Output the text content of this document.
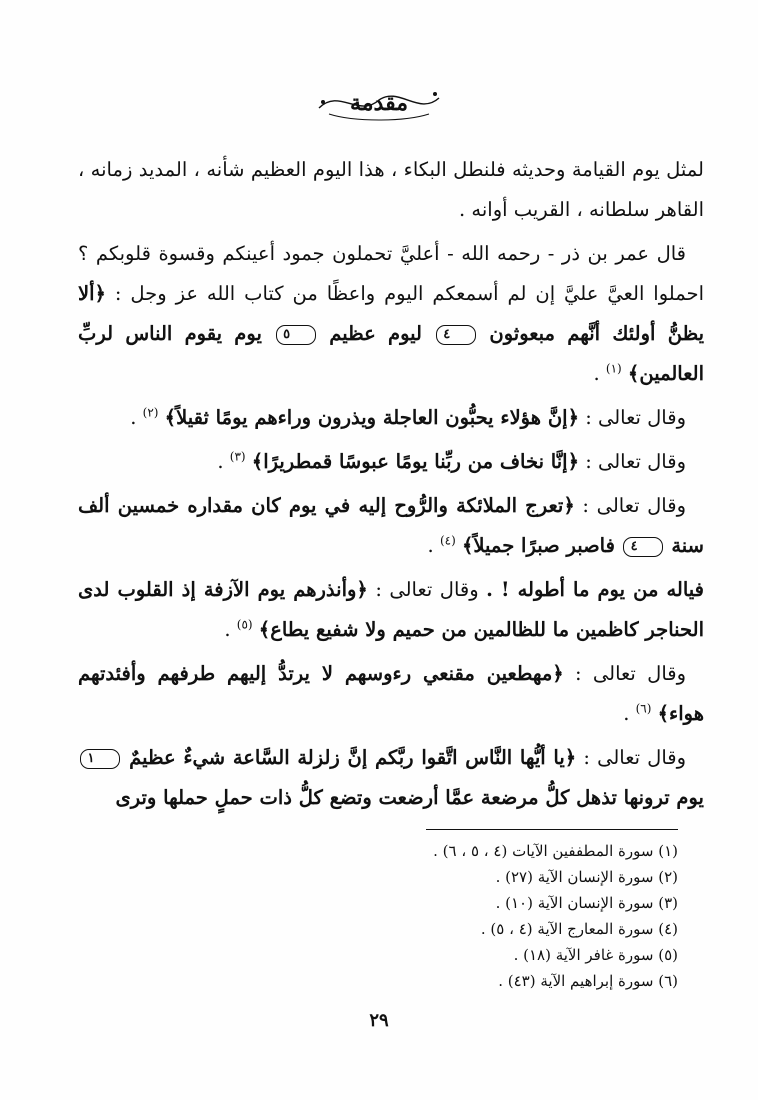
مقدمة

لمثل يوم القيامة وحديثه فلنطل البكاء ، هذا اليوم العظيم شأنه ، المديد زمانه ، القاهر سلطانه ، القريب أوانه .

قال عمر بن ذر - رحمه الله - أعليَّ تحملون جمود أعينكم وقسوة قلوبكم ؟ احملوا العيَّ عليَّ إن لم أسمعكم اليوم واعظًا من كتاب الله عز وجل : ﴿ألا يظنُّ أولئك أنَّهم مبعوثون ٤ ليوم عظيم ٥ يوم يقوم الناس لربِّ العالمين﴾ $^{(١)}$ .

وقال تعالى : ﴿إنَّ هؤلاء يحبُّون العاجلة ويذرون وراءهم يومًا ثقيلاً﴾ $^{(٢)}$ .

وقال تعالى : ﴿إنَّا نخاف من ربِّنا يومًا عبوسًا قمطريرًا﴾ $^{(٣)}$ .

وقال تعالى : ﴿تعرج الملائكة والرُّوح إليه في يوم كان مقداره خمسين ألف سنة ٤ فاصبر صبرًا جميلاً﴾ $^{(٤)}$ .

فياله من يوم ما أطوله ! . وقال تعالى : ﴿وأنذرهم يوم الآزفة إذ القلوب لدى الحناجر كاظمين ما للظالمين من حميم ولا شفيع يطاع﴾ $^{(٥)}$ .

وقال تعالى : ﴿مهطعين مقنعي رءوسهم لا يرتدُّ إليهم طرفهم وأفئدتهم هواء﴾ $^{(٦)}$ .

وقال تعالى : ﴿يا أيُّها النَّاس اتَّقوا ربَّكم إنَّ زلزلة السَّاعة شيءٌ عظيمٌ ١ يوم ترونها تذهل كلُّ مرضعة عمَّا أرضعت وتضع كلُّ ذات حملٍ حملها وترى

(١) سورة المطففين الآيات (٤ ، ٥ ، ٦) .
(٢) سورة الإنسان الآية (٢٧) .
(٣) سورة الإنسان الآية (١٠) .
(٤) سورة المعارج الآية (٤ ، ٥) .
(٥) سورة غافر الآية (١٨) .
(٦) سورة إبراهيم الآية (٤٣) .
٢٩
